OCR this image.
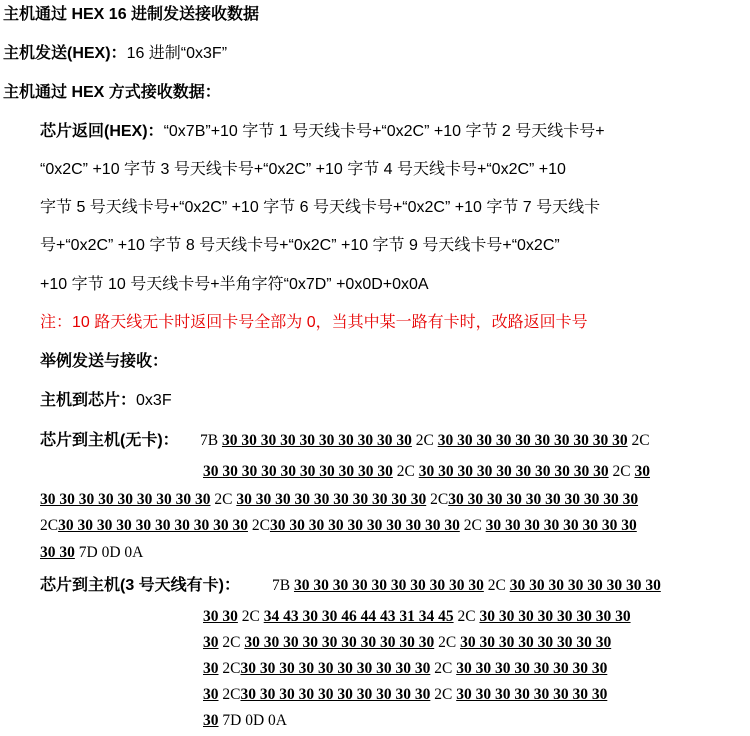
主机通过 HEX 16 进制发送接收数据
主机发送(HEX)：16 进制“0x3F”
主机通过 HEX 方式接收数据：
芯片返回(HEX)：“0x7B”+10 字节 1 号天线卡号+“0x2C” +10 字节 2 号天线卡号+
“0x2C” +10 字节 3 号天线卡号+“0x2C” +10 字节 4 号天线卡号+“0x2C” +10
字节 5 号天线卡号+“0x2C” +10 字节 6 号天线卡号+“0x2C” +10 字节 7 号天线卡
号+“0x2C” +10 字节 8 号天线卡号+“0x2C” +10 字节 9 号天线卡号+“0x2C”
+10 字节 10 号天线卡号+半角字符“0x7D” +0x0D+0x0A
注：10 路天线无卡时返回卡号全部为 0，当其中某一路有卡时，改路返回卡号
举例发送与接收：
主机到芯片：0x3F
芯片到主机(无卡)： 7B 30 30 30 30 30 30 30 30 30 30 2C 30 30 30 30 30 30 30 30 30 30 2C
30 30 30 30 30 30 30 30 30 30 2C 30 30 30 30 30 30 30 30 30 30 2C 30
30 30 30 30 30 30 30 30 30 2C 30 30 30 30 30 30 30 30 30 30 2C30 30 30 30 30 30 30 30 30 30
2C30 30 30 30 30 30 30 30 30 30 2C30 30 30 30 30 30 30 30 30 30 2C 30 30 30 30 30 30 30 30
30 30 7D 0D 0A
芯片到主机(3 号天线有卡)： 7B 30 30 30 30 30 30 30 30 30 30 2C 30 30 30 30 30 30 30 30
30 30 2C 34 43 30 30 46 44 43 31 34 45 2C 30 30 30 30 30 30 30 30
30 2C 30 30 30 30 30 30 30 30 30 30 2C 30 30 30 30 30 30 30 30
30 2C30 30 30 30 30 30 30 30 30 30 2C 30 30 30 30 30 30 30 30
30 2C30 30 30 30 30 30 30 30 30 30 2C 30 30 30 30 30 30 30 30
30 7D 0D 0A
